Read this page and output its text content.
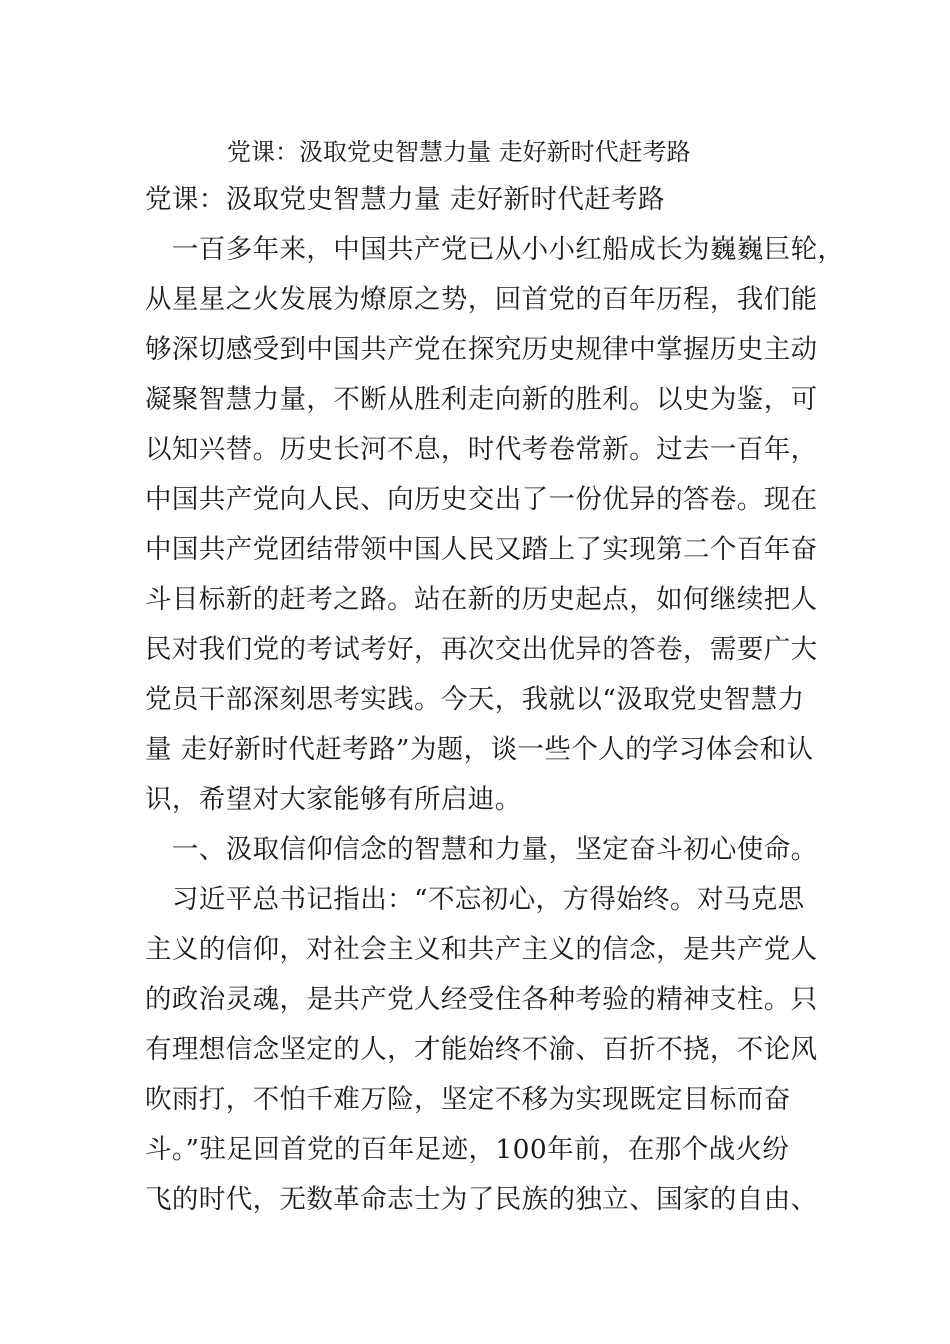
党课：汲取党史智慧力量 走好新时代赶考路
党课：汲取党史智慧力量 走好新时代赶考路
　一百多年来，中国共产党已从小小红船成长为巍巍巨轮，
从星星之火发展为燎原之势，回首党的百年历程，我们能
够深切感受到中国共产党在探究历史规律中掌握历史主动
凝聚智慧力量，不断从胜利走向新的胜利。以史为鉴，可
以知兴替。历史长河不息，时代考卷常新。过去一百年，
中国共产党向人民、向历史交出了一份优异的答卷。现在
中国共产党团结带领中国人民又踏上了实现第二个百年奋
斗目标新的赶考之路。站在新的历史起点，如何继续把人
民对我们党的考试考好，再次交出优异的答卷，需要广大
党员干部深刻思考实践。今天，我就以“汲取党史智慧力
量 走好新时代赶考路”为题，谈一些个人的学习体会和认
识，希望对大家能够有所启迪。
　一、汲取信仰信念的智慧和力量，坚定奋斗初心使命。
　习近平总书记指出：“不忘初心，方得始终。对马克思
主义的信仰，对社会主义和共产主义的信念，是共产党人
的政治灵魂，是共产党人经受住各种考验的精神支柱。只
有理想信念坚定的人，才能始终不渝、百折不挠，不论风
吹雨打，不怕千难万险，坚定不移为实现既定目标而奋
斗。”驻足回首党的百年足迹，100年前，在那个战火纷
飞的时代，无数革命志士为了民族的独立、国家的自由、
